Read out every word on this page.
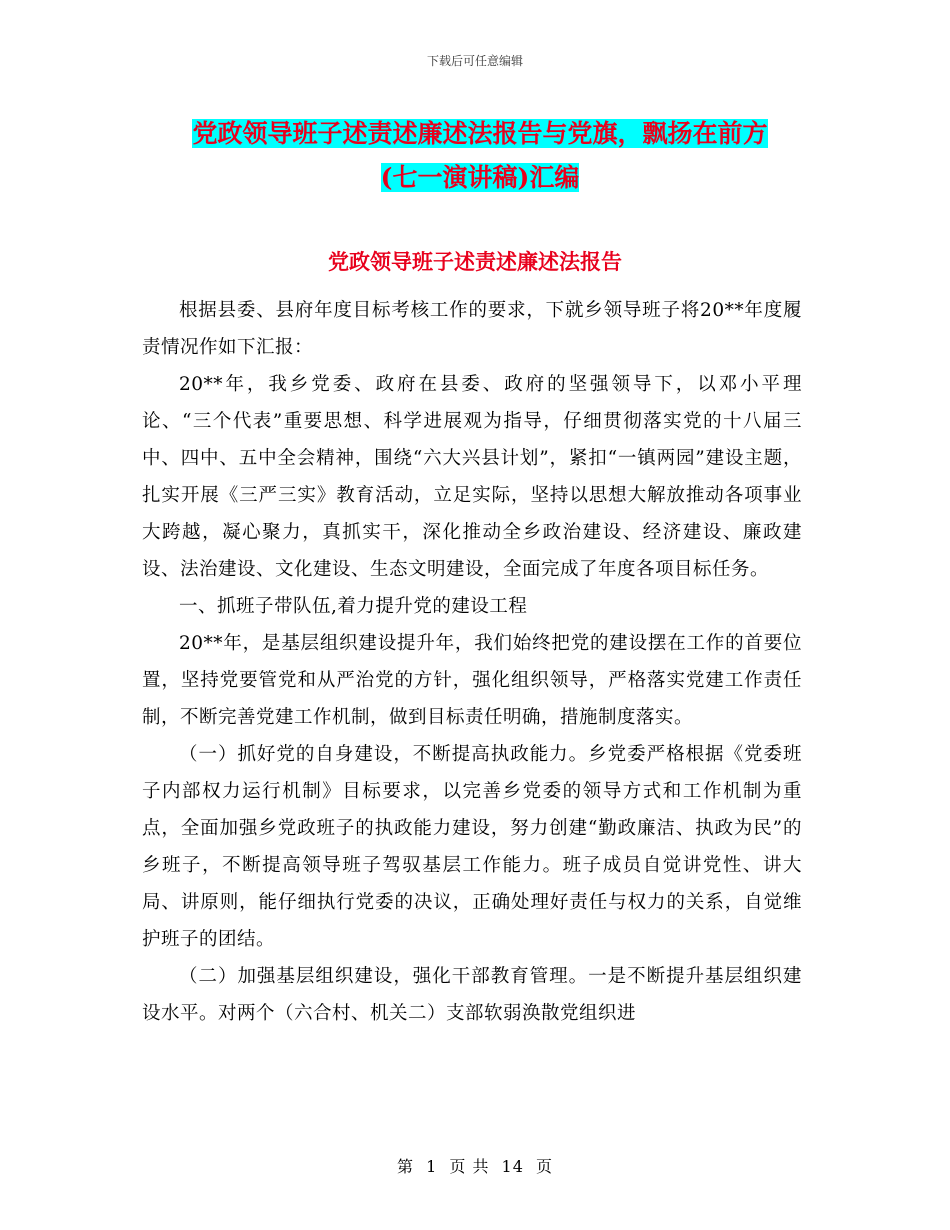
下载后可任意编辑
党政领导班子述责述廉述法报告与党旗，飘扬在前方
(七一演讲稿)汇编
党政领导班子述责述廉述法报告

根据县委、县府年度目标考核工作的要求，下就乡领导班子将20**年度履责情况作如下汇报：

20**年，我乡党委、政府在县委、政府的坚强领导下，以邓小平理论、“三个代表”重要思想、科学进展观为指导，仔细贯彻落实党的十八届三中、四中、五中全会精神，围绕“六大兴县计划”，紧扣“一镇两园”建设主题，扎实开展《三严三实》教育活动，立足实际，坚持以思想大解放推动各项事业大跨越，凝心聚力，真抓实干，深化推动全乡政治建设、经济建设、廉政建设、法治建设、文化建设、生态文明建设，全面完成了年度各项目标任务。

一、抓班子带队伍,着力提升党的建设工程

20**年，是基层组织建设提升年，我们始终把党的建设摆在工作的首要位置，坚持党要管党和从严治党的方针，强化组织领导，严格落实党建工作责任制，不断完善党建工作机制，做到目标责任明确，措施制度落实。

（一）抓好党的自身建设，不断提高执政能力。乡党委严格根据《党委班子内部权力运行机制》目标要求，以完善乡党委的领导方式和工作机制为重点，全面加强乡党政班子的执政能力建设，努力创建“勤政廉洁、执政为民”的乡班子，不断提高领导班子驾驭基层工作能力。班子成员自觉讲党性、讲大局、讲原则，能仔细执行党委的决议，正确处理好责任与权力的关系，自觉维护班子的团结。

（二）加强基层组织建设，强化干部教育管理。一是不断提升基层组织建设水平。对两个（六合村、机关二）支部软弱涣散党组织进

第 1 页 共 14 页
